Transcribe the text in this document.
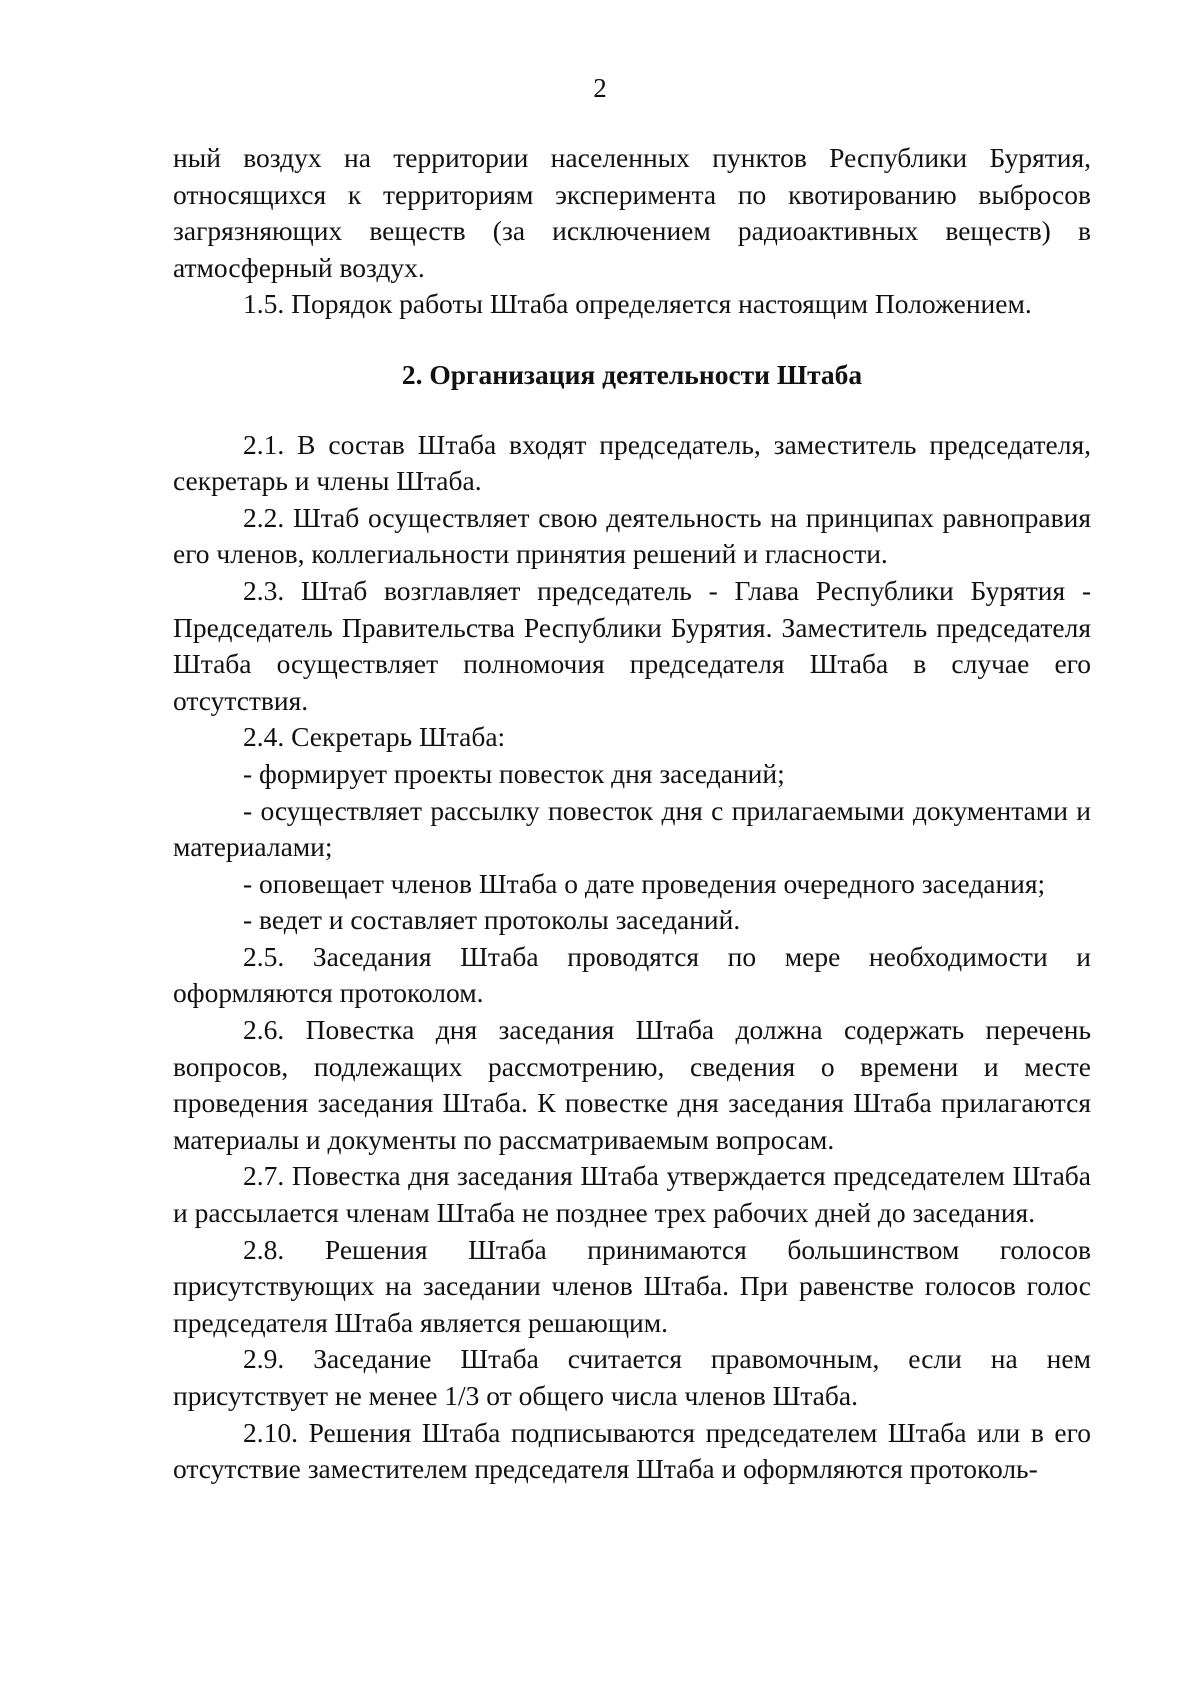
2

ный воздух на территории населенных пунктов Республики Бурятия, относящихся к территориям эксперимента по квотированию выбросов загрязняющих веществ (за исключением радиоактивных веществ) в атмосферный воздух.

1.5. Порядок работы Штаба определяется настоящим Положением.

2. Организация деятельности Штаба

2.1. В состав Штаба входят председатель, заместитель председателя, секретарь и члены Штаба.

2.2. Штаб осуществляет свою деятельность на принципах равноправия его членов, коллегиальности принятия решений и гласности.

2.3. Штаб возглавляет председатель - Глава Республики Бурятия - Председатель Правительства Республики Бурятия. Заместитель председателя Штаба осуществляет полномочия председателя Штаба в случае его отсутствия.

2.4. Секретарь Штаба:

- формирует проекты повесток дня заседаний;

- осуществляет рассылку повесток дня с прилагаемыми документами и материалами;

- оповещает членов Штаба о дате проведения очередного заседания;

- ведет и составляет протоколы заседаний.

2.5. Заседания Штаба проводятся по мере необходимости и оформляются протоколом.

2.6. Повестка дня заседания Штаба должна содержать перечень вопросов, подлежащих рассмотрению, сведения о времени и месте проведения заседания Штаба. К повестке дня заседания Штаба прилагаются материалы и документы по рассматриваемым вопросам.

2.7. Повестка дня заседания Штаба утверждается председателем Штаба и рассылается членам Штаба не позднее трех рабочих дней до заседания.

2.8. Решения Штаба принимаются большинством голосов присутствующих на заседании членов Штаба. При равенстве голосов голос председателя Штаба является решающим.

2.9. Заседание Штаба считается правомочным, если на нем присутствует не менее 1/3 от общего числа членов Штаба.

2.10. Решения Штаба подписываются председателем Штаба или в его отсутствие заместителем председателя Штаба и оформляются протоколь-
